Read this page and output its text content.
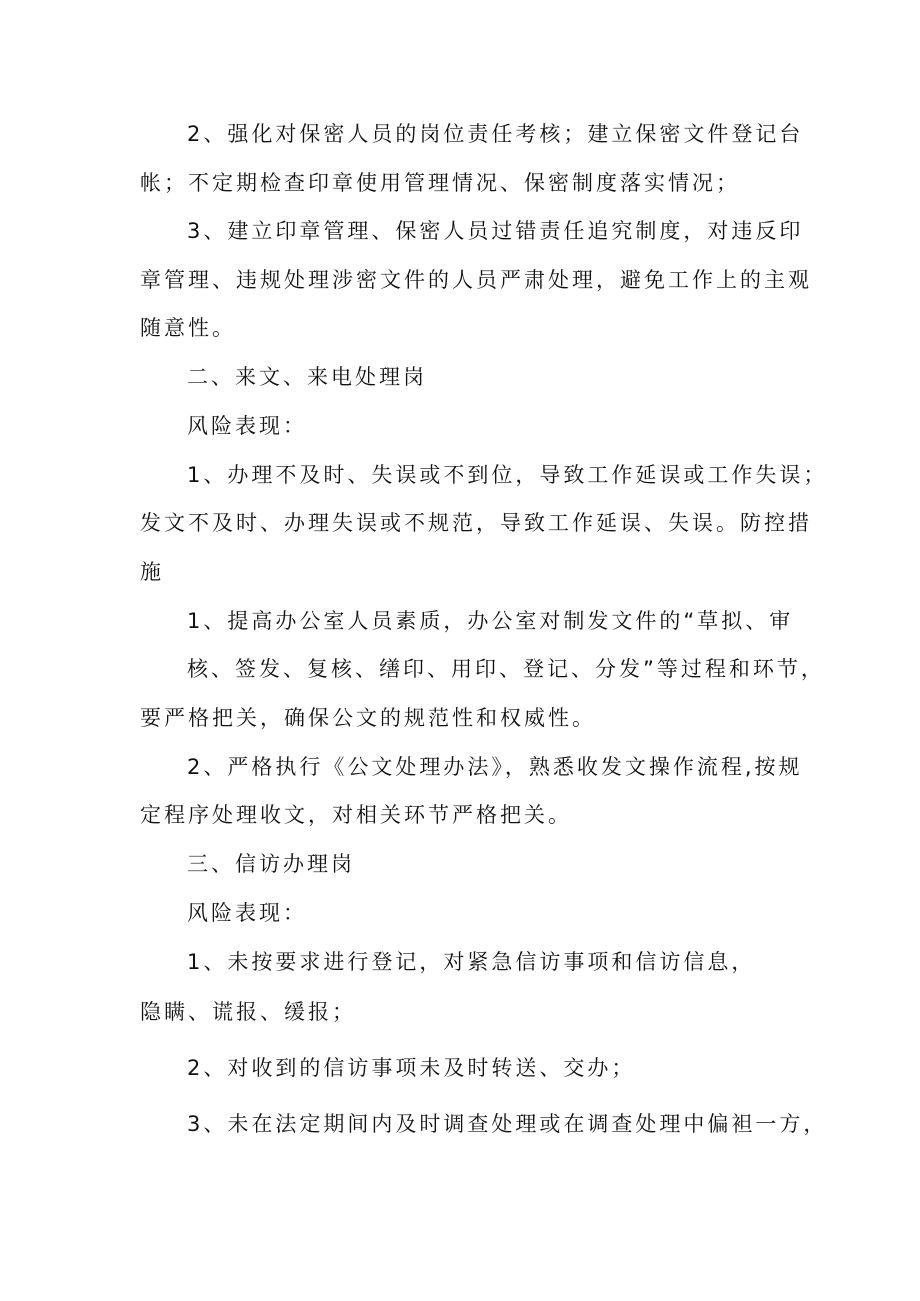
2、强化对保密人员的岗位责任考核；建立保密文件登记台
帐；不定期检查印章使用管理情况、保密制度落实情况；
3、建立印章管理、保密人员过错责任追究制度，对违反印
章管理、违规处理涉密文件的人员严肃处理，避免工作上的主观
随意性。
二、来文、来电处理岗
风险表现：
1、办理不及时、失误或不到位，导致工作延误或工作失误；
发文不及时、办理失误或不规范，导致工作延误、失误。防控措
施
1、提高办公室人员素质，办公室对制发文件的“草拟、审
核、签发、复核、缮印、用印、登记、分发”等过程和环节，
要严格把关，确保公文的规范性和权威性。
2、严格执行《公文处理办法》，熟悉收发文操作流程,按规
定程序处理收文，对相关环节严格把关。
三、信访办理岗
风险表现：
1、未按要求进行登记，对紧急信访事项和信访信息，
隐瞒、谎报、缓报；
2、对收到的信访事项未及时转送、交办；
3、未在法定期间内及时调查处理或在调查处理中偏袒一方，
